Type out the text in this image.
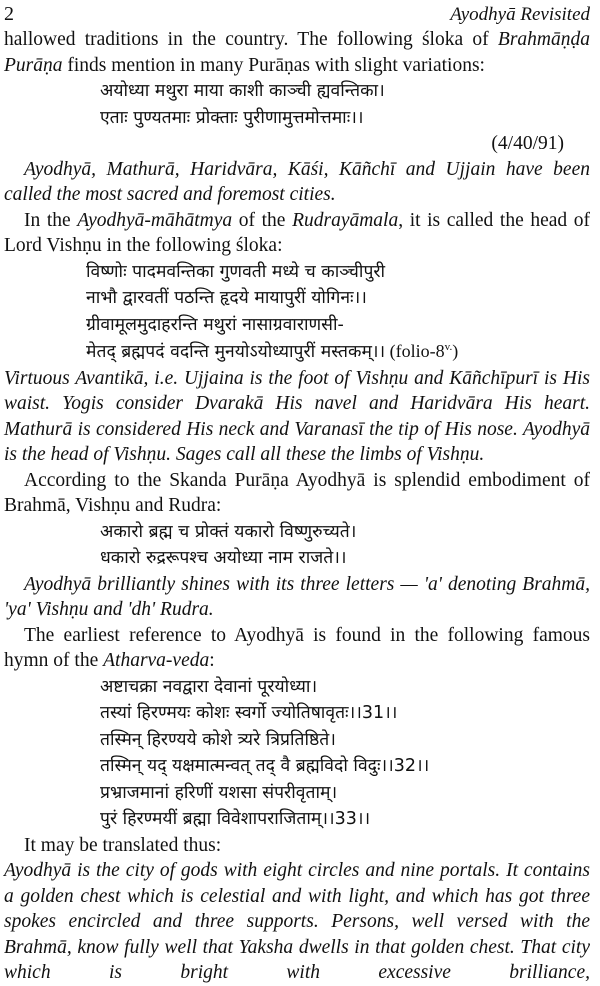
2	Ayodhyā Revisited

hallowed traditions in the country. The following śloka of Brahmāṇḍa Purāṇa finds mention in many Purāṇas with slight variations:

अयोध्या मथुरा माया काशी काञ्ची ह्यवन्तिका।
एताः पुण्यतमाः प्रोक्ताः पुरीणामुत्तमोत्तमाः।।

(4/40/91)

Ayodhyā, Mathurā, Haridvāra, Kāśi, Kāñchī and Ujjain have been called the most sacred and foremost cities.

In the Ayodhyā-māhātmya of the Rudrayāmala, it is called the head of Lord Vishṇu in the following śloka:

विष्णोः पादमवन्तिका गुणवती मध्ये च काञ्चीपुरी
नाभौ द्वारवतीं पठन्ति हृदये मायापुरीं योगिनः।।
ग्रीवामूलमुदाहरन्ति मथुरां नासाग्रवाराणसी-
मेतद् ब्रह्मपदं वदन्ति मुनयोऽयोध्यापुरीं मस्तकम्।। $(folio-8^{v.})$

Virtuous Avantikā, i.e. Ujjaina is the foot of Vishṇu and Kāñchīpurī is His waist. Yogis consider Dvarakā His navel and Haridvāra His heart. Mathurā is considered His neck and Varanasī the tip of His nose. Ayodhyā is the head of Vishṇu. Sages call all these the limbs of Vishṇu.

According to the Skanda Purāṇa Ayodhyā is splendid embodiment of Brahmā, Vishṇu and Rudra:

अकारो ब्रह्म च प्रोक्तं यकारो विष्णुरुच्यते।
धकारो रुद्ररूपश्च अयोध्या नाम राजते।।

Ayodhyā brilliantly shines with its three letters — 'a' denoting Brahmā, 'ya' Vishṇu and 'dh' Rudra.

The earliest reference to Ayodhyā is found in the following famous hymn of the Atharva-veda:

अष्टाचक्रा नवद्वारा देवानां पूरयोध्या।
तस्यां हिरण्मयः कोशः स्वर्गो ज्योतिषावृतः।।31।।
तस्मिन् हिरण्यये कोशे त्र्यरे त्रिप्रतिष्ठिते।
तस्मिन् यद् यक्षमात्मन्वत् तद् वै ब्रह्मविदो विदुः।।32।।
प्रभ्राजमानां हरिणीं यशसा संपरीवृताम्।
पुरं हिरण्मयीं ब्रह्मा विवेशापराजिताम्।।33।।

It may be translated thus:

Ayodhyā is the city of gods with eight circles and nine portals. It contains a golden chest which is celestial and with light, and which has got three spokes encircled and three supports. Persons, well versed with the Brahmā, know fully well that Yaksha dwells in that golden chest. That city which is bright with excessive brilliance,
